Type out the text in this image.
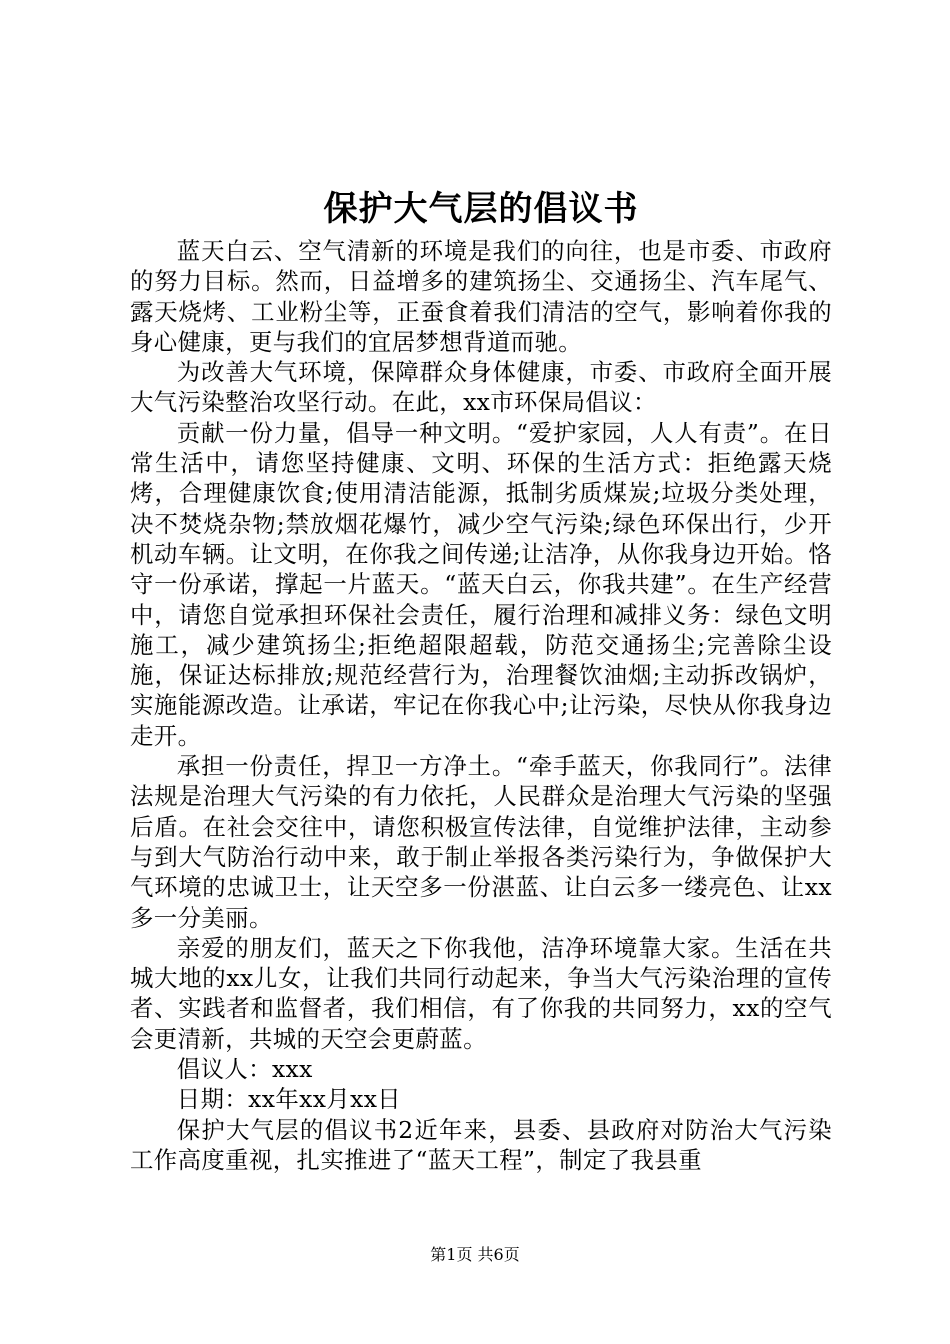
保护大气层的倡议书

蓝天白云、空气清新的环境是我们的向往，也是市委、市政府的努力目标。然而，日益增多的建筑扬尘、交通扬尘、汽车尾气、露天烧烤、工业粉尘等，正蚕食着我们清洁的空气，影响着你我的身心健康，更与我们的宜居梦想背道而驰。

为改善大气环境，保障群众身体健康，市委、市政府全面开展大气污染整治攻坚行动。在此，xx市环保局倡议：

贡献一份力量，倡导一种文明。“爱护家园，人人有责”。在日常生活中，请您坚持健康、文明、环保的生活方式：拒绝露天烧烤，合理健康饮食;使用清洁能源，抵制劣质煤炭;垃圾分类处理，决不焚烧杂物;禁放烟花爆竹，减少空气污染;绿色环保出行，少开机动车辆。让文明，在你我之间传递;让洁净，从你我身边开始。恪守一份承诺，撑起一片蓝天。“蓝天白云，你我共建”。在生产经营中，请您自觉承担环保社会责任，履行治理和减排义务：绿色文明施工，减少建筑扬尘;拒绝超限超载，防范交通扬尘;完善除尘设施，保证达标排放;规范经营行为，治理餐饮油烟;主动拆改锅炉，实施能源改造。让承诺，牢记在你我心中;让污染，尽快从你我身边走开。

承担一份责任，捍卫一方净土。“牵手蓝天，你我同行”。法律法规是治理大气污染的有力依托，人民群众是治理大气污染的坚强后盾。在社会交往中，请您积极宣传法律，自觉维护法律，主动参与到大气防治行动中来，敢于制止举报各类污染行为，争做保护大气环境的忠诚卫士，让天空多一份湛蓝、让白云多一缕亮色、让xx多一分美丽。

亲爱的朋友们，蓝天之下你我他，洁净环境靠大家。生活在共城大地的xx儿女，让我们共同行动起来，争当大气污染治理的宣传者、实践者和监督者，我们相信，有了你我的共同努力，xx的空气会更清新，共城的天空会更蔚蓝。

倡议人：xxx

日期：xx年xx月xx日

保护大气层的倡议书2近年来，县委、县政府对防治大气污染工作高度重视，扎实推进了“蓝天工程”，制定了我县重

第1页 共6页
